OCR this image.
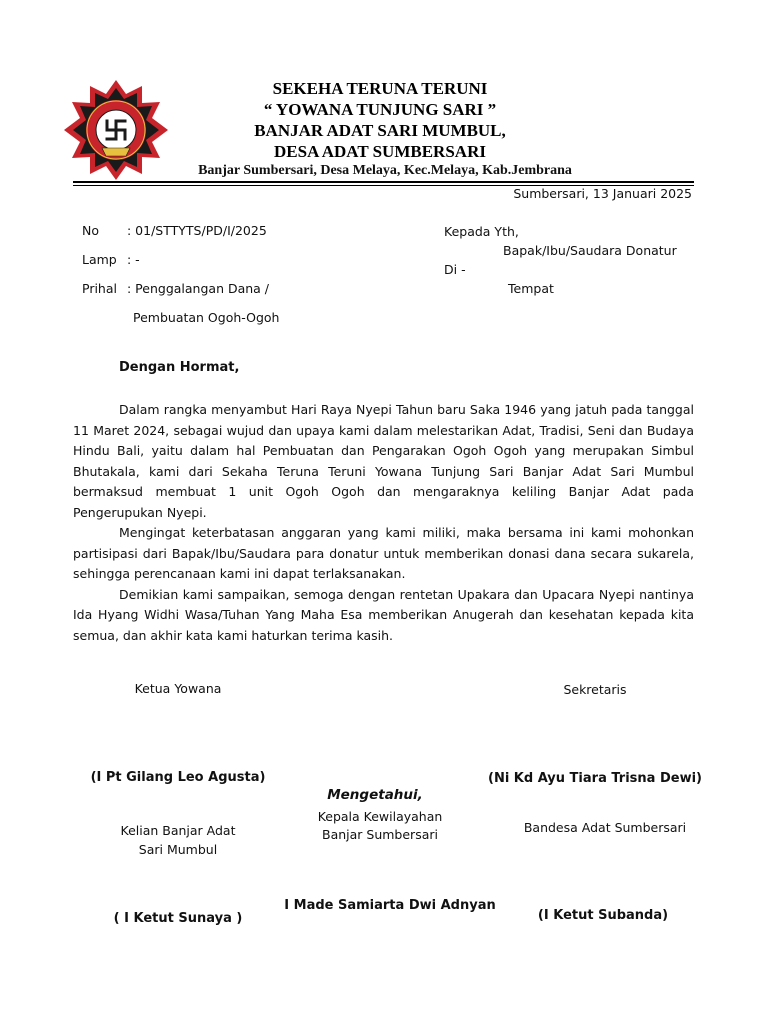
SEKEHA TERUNA TERUNI
“ YOWANA TUNJUNG SARI ”
BANJAR ADAT SARI MUMBUL,
DESA ADAT SUMBERSARI
Banjar Sumbersari, Desa Melaya, Kec.Melaya, Kab.Jembrana
Sumbersari, 13 Januari 2025
No : 01/STTYTS/PD/I/2025
Lamp : -
Prihal : Penggalangan Dana /
Pembuatan Ogoh-Ogoh
Kepada Yth,
Bapak/Ibu/Saudara Donatur
Di -
Tempat
Dengan Hormat,

Dalam rangka menyambut Hari Raya Nyepi Tahun baru Saka 1946 yang jatuh pada tanggal 11 Maret 2024, sebagai wujud dan upaya kami dalam melestarikan Adat, Tradisi, Seni dan Budaya Hindu Bali, yaitu dalam hal Pembuatan dan Pengarakan Ogoh Ogoh yang merupakan Simbul Bhutakala, kami dari Sekaha Teruna Teruni Yowana Tunjung Sari Banjar Adat Sari Mumbul bermaksud membuat 1 unit Ogoh Ogoh dan mengaraknya keliling Banjar Adat pada Pengerupukan Nyepi.

Mengingat keterbatasan anggaran yang kami miliki, maka bersama ini kami mohonkan partisipasi dari Bapak/Ibu/Saudara para donatur untuk memberikan donasi dana secara sukarela, sehingga perencanaan kami ini dapat terlaksanakan.

Demikian kami sampaikan, semoga dengan rentetan Upakara dan Upacara Nyepi nantinya Ida Hyang Widhi Wasa/Tuhan Yang Maha Esa memberikan Anugerah dan kesehatan kepada kita semua, dan akhir kata kami haturkan terima kasih.

Ketua Yowana	Sekretaris
(I Pt Gilang Leo Agusta)	(Ni Kd Ayu Tiara Trisna Dewi)
Mengetahui,
Kepala Kewilayahan
Banjar Sumbersari
Kelian Banjar Adat
Sari Mumbul
Bandesa Adat Sumbersari
I Made Samiarta Dwi Adnyan
( I Ketut Sunaya )	(I Ketut Subanda)
